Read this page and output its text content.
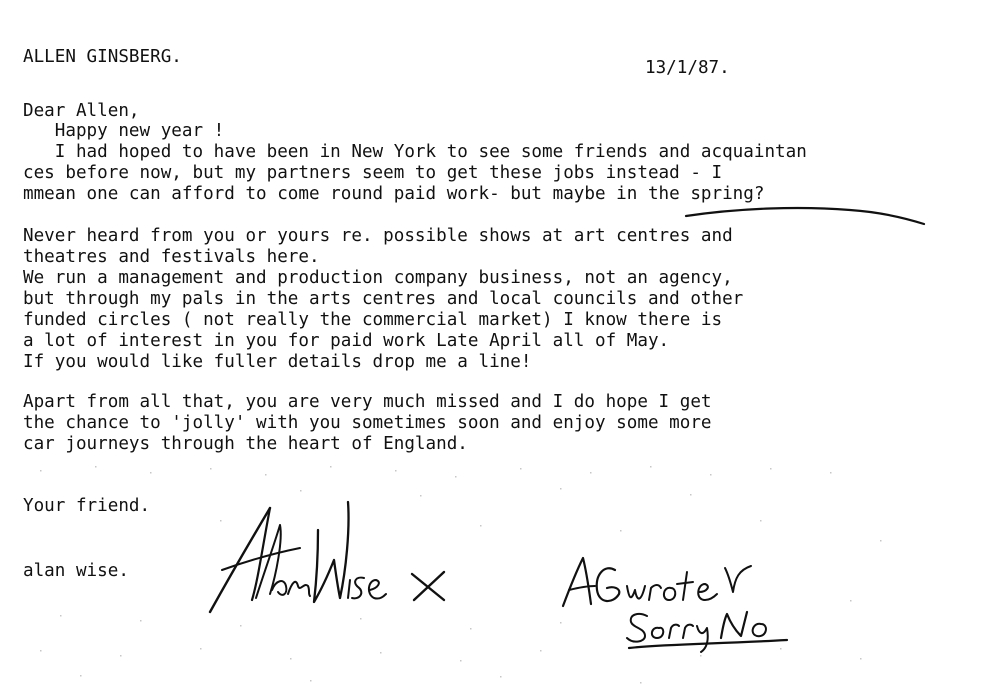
ALLEN GINSBERG.
13/1/87.
Dear Allen,
Happy new year !
I had hoped to have been in New York to see some friends and acquaintan
ces before now, but my partners seem to get these jobs instead - I
mmean one can afford to come round paid work- but maybe in the spring?
Never heard from you or yours re. possible shows at art centres and
theatres and festivals here.
We run a management and production company business, not an agency,
but through my pals in the arts centres and local councils and other
funded circles ( not really the commercial market) I know there is
a lot of interest in you for paid work Late April all of May.
If you would like fuller details drop me a line!
Apart from all that, you are very much missed and I do hope I get
the chance to 'jolly' with you sometimes soon and enjoy some more
car journeys through the heart of England.
Your friend.
alan wise.
